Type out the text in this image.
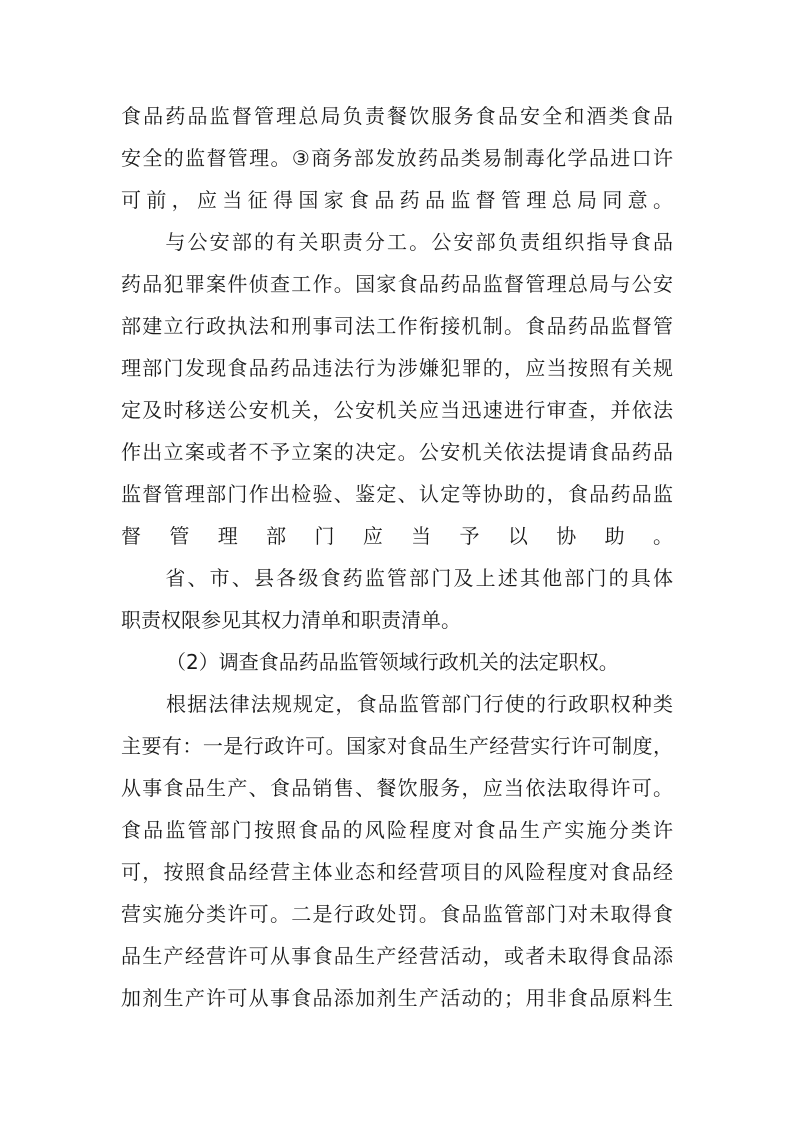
食品药品监督管理总局负责餐饮服务食品安全和酒类食品
安全的监督管理。③商务部发放药品类易制毒化学品进口许
可前，应当征得国家食品药品监督管理总局同意。
　　与公安部的有关职责分工。公安部负责组织指导食品
药品犯罪案件侦查工作。国家食品药品监督管理总局与公安
部建立行政执法和刑事司法工作衔接机制。食品药品监督管
理部门发现食品药品违法行为涉嫌犯罪的，应当按照有关规
定及时移送公安机关，公安机关应当迅速进行审查，并依法
作出立案或者不予立案的决定。公安机关依法提请食品药品
监督管理部门作出检验、鉴定、认定等协助的，食品药品监
督管理部门应当予以协助。
　　省、市、县各级食药监管部门及上述其他部门的具体
职责权限参见其权力清单和职责清单。
（2）调查食品药品监管领域行政机关的法定职权。
根据法律法规规定，食品监管部门行使的行政职权种类
主要有：一是行政许可。国家对食品生产经营实行许可制度，
从事食品生产、食品销售、餐饮服务，应当依法取得许可。
食品监管部门按照食品的风险程度对食品生产实施分类许
可，按照食品经营主体业态和经营项目的风险程度对食品经
营实施分类许可。二是行政处罚。食品监管部门对未取得食
品生产经营许可从事食品生产经营活动，或者未取得食品添
加剂生产许可从事食品添加剂生产活动的；用非食品原料生
